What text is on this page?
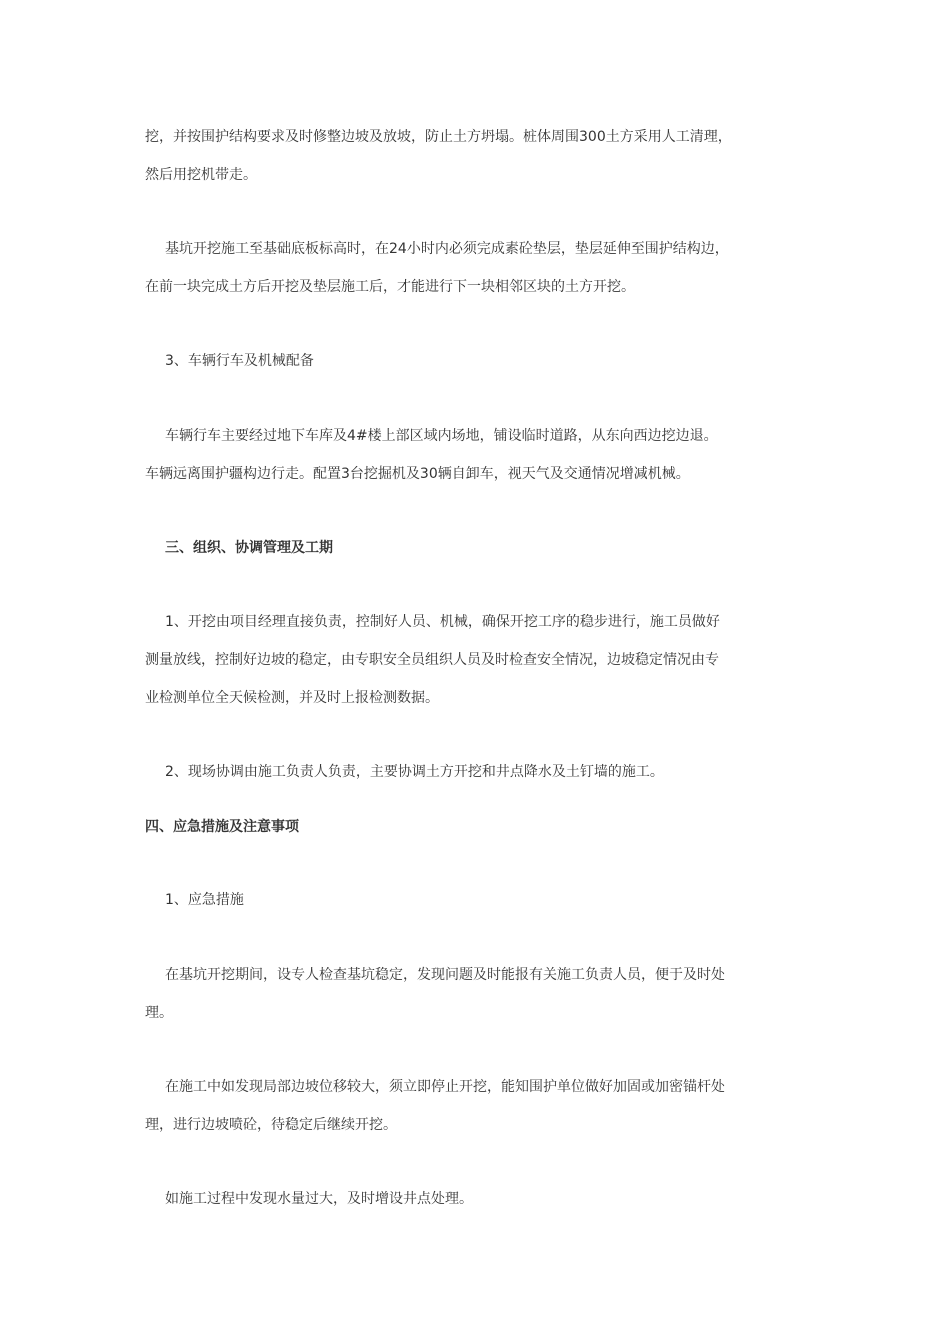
挖，并按围护结构要求及时修整边坡及放坡，防止土方坍塌。桩体周围300土方采用人工清理，
然后用挖机带走。

基坑开挖施工至基础底板标高时，在24小时内必须完成素砼垫层，垫层延伸至围护结构边，
在前一块完成土方后开挖及垫层施工后，才能进行下一块相邻区块的土方开挖。

3、车辆行车及机械配备

车辆行车主要经过地下车库及4#楼上部区域内场地，铺设临时道路，从东向西边挖边退。
车辆远离围护疆构边行走。配置3台挖掘机及30辆自卸车，视天气及交通情况增减机械。

三、组织、协调管理及工期

1、开挖由项目经理直接负责，控制好人员、机械，确保开挖工序的稳步进行，施工员做好
测量放线，控制好边坡的稳定，由专职安全员组织人员及时检查安全情况，边坡稳定情况由专
业检测单位全天候检测，并及时上报检测数据。

2、现场协调由施工负责人负责，主要协调土方开挖和井点降水及土钉墙的施工。

四、应急措施及注意事项

1、应急措施

在基坑开挖期间，设专人检查基坑稳定，发现问题及时能报有关施工负责人员，便于及时处
理。

在施工中如发现局部边坡位移较大，须立即停止开挖，能知围护单位做好加固或加密锚杆处
理，进行边坡喷砼，待稳定后继续开挖。

如施工过程中发现水量过大，及时增设井点处理。
